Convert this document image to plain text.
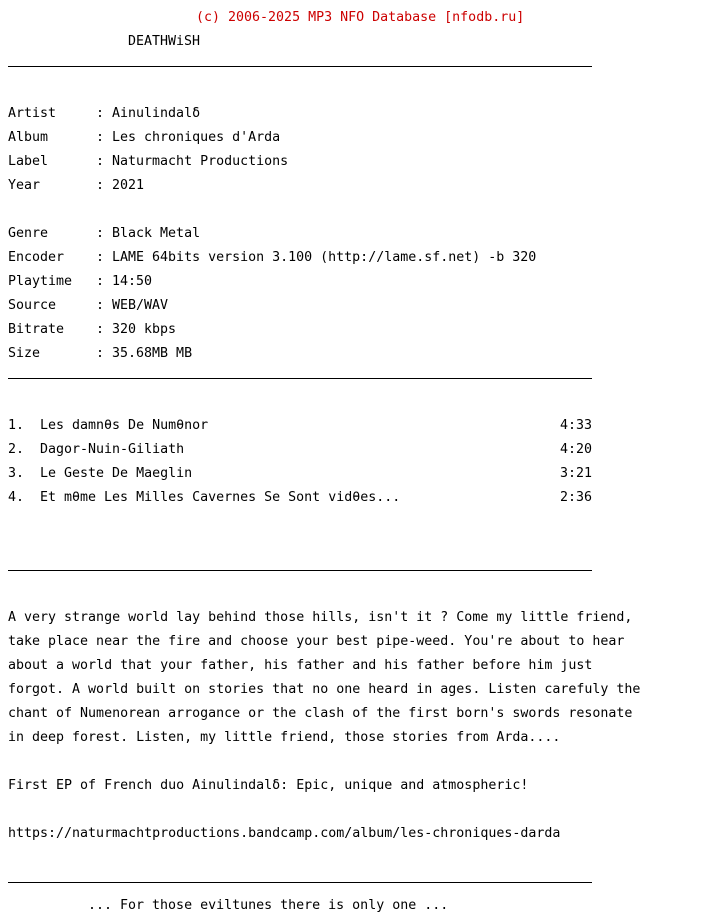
(c) 2006-2025 MP3 NFO Database [nfodb.ru]

DEATHWiSH

Artist	: Ainulindalδ

Album	: Les chroniques d'Arda

Label	: Naturmacht Productions

Year	: 2021

Genre	: Black Metal

Encoder	: LAME 64bits version 3.100 (http://lame.sf.net) -b 320

Playtime	: 14:50

Source	: WEB/WAV

Bitrate	: 320 kbps

Size	: 35.68MB MB

1.	Les damnθs De Numθnor	4:33

2.	Dagor-Nuin-Giliath	4:20

3.	Le Geste De Maeglin	3:21

4.	Et mθme Les Milles Cavernes Se Sont vidθes...	2:36

A very strange world lay behind those hills, isn't it ? Come my little friend,

take place near the fire and choose your best pipe-weed. You're about to hear

about a world that your father, his father and his father before him just

forgot. A world built on stories that no one heard in ages. Listen carefuly the

chant of Numenorean arrogance or the clash of the first born's swords resonate

in deep forest. Listen, my little friend, those stories from Arda....

First EP of French duo Ainulindalδ: Epic, unique and atmospheric!

https://naturmachtproductions.bandcamp.com/album/les-chroniques-darda

... For those eviltunes there is only one ...
